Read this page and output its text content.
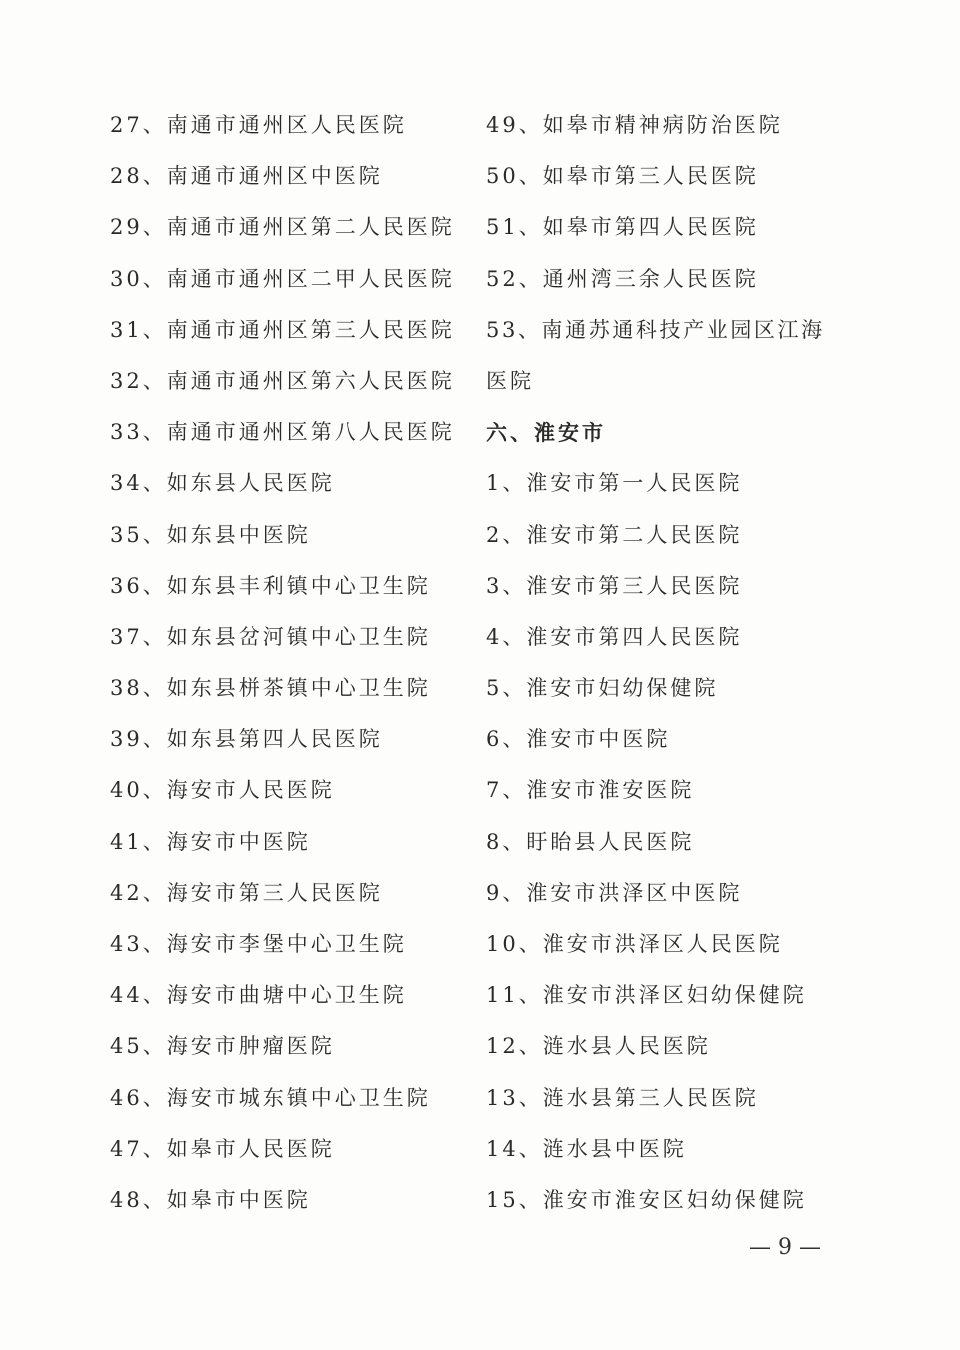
27、南通市通州区人民医院
28、南通市通州区中医院
29、南通市通州区第二人民医院
30、南通市通州区二甲人民医院
31、南通市通州区第三人民医院
32、南通市通州区第六人民医院
33、南通市通州区第八人民医院
34、如东县人民医院
35、如东县中医院
36、如东县丰利镇中心卫生院
37、如东县岔河镇中心卫生院
38、如东县栟茶镇中心卫生院
39、如东县第四人民医院
40、海安市人民医院
41、海安市中医院
42、海安市第三人民医院
43、海安市李堡中心卫生院
44、海安市曲塘中心卫生院
45、海安市肿瘤医院
46、海安市城东镇中心卫生院
47、如皋市人民医院
48、如皋市中医院
49、如皋市精神病防治医院
50、如皋市第三人民医院
51、如皋市第四人民医院
52、通州湾三余人民医院
53、南通苏通科技产业园区江海
医院
六、淮安市
1、淮安市第一人民医院
2、淮安市第二人民医院
3、淮安市第三人民医院
4、淮安市第四人民医院
5、淮安市妇幼保健院
6、淮安市中医院
7、淮安市淮安医院
8、盱眙县人民医院
9、淮安市洪泽区中医院
10、淮安市洪泽区人民医院
11、淮安市洪泽区妇幼保健院
12、涟水县人民医院
13、涟水县第三人民医院
14、涟水县中医院
15、淮安市淮安区妇幼保健院
— 9 —
